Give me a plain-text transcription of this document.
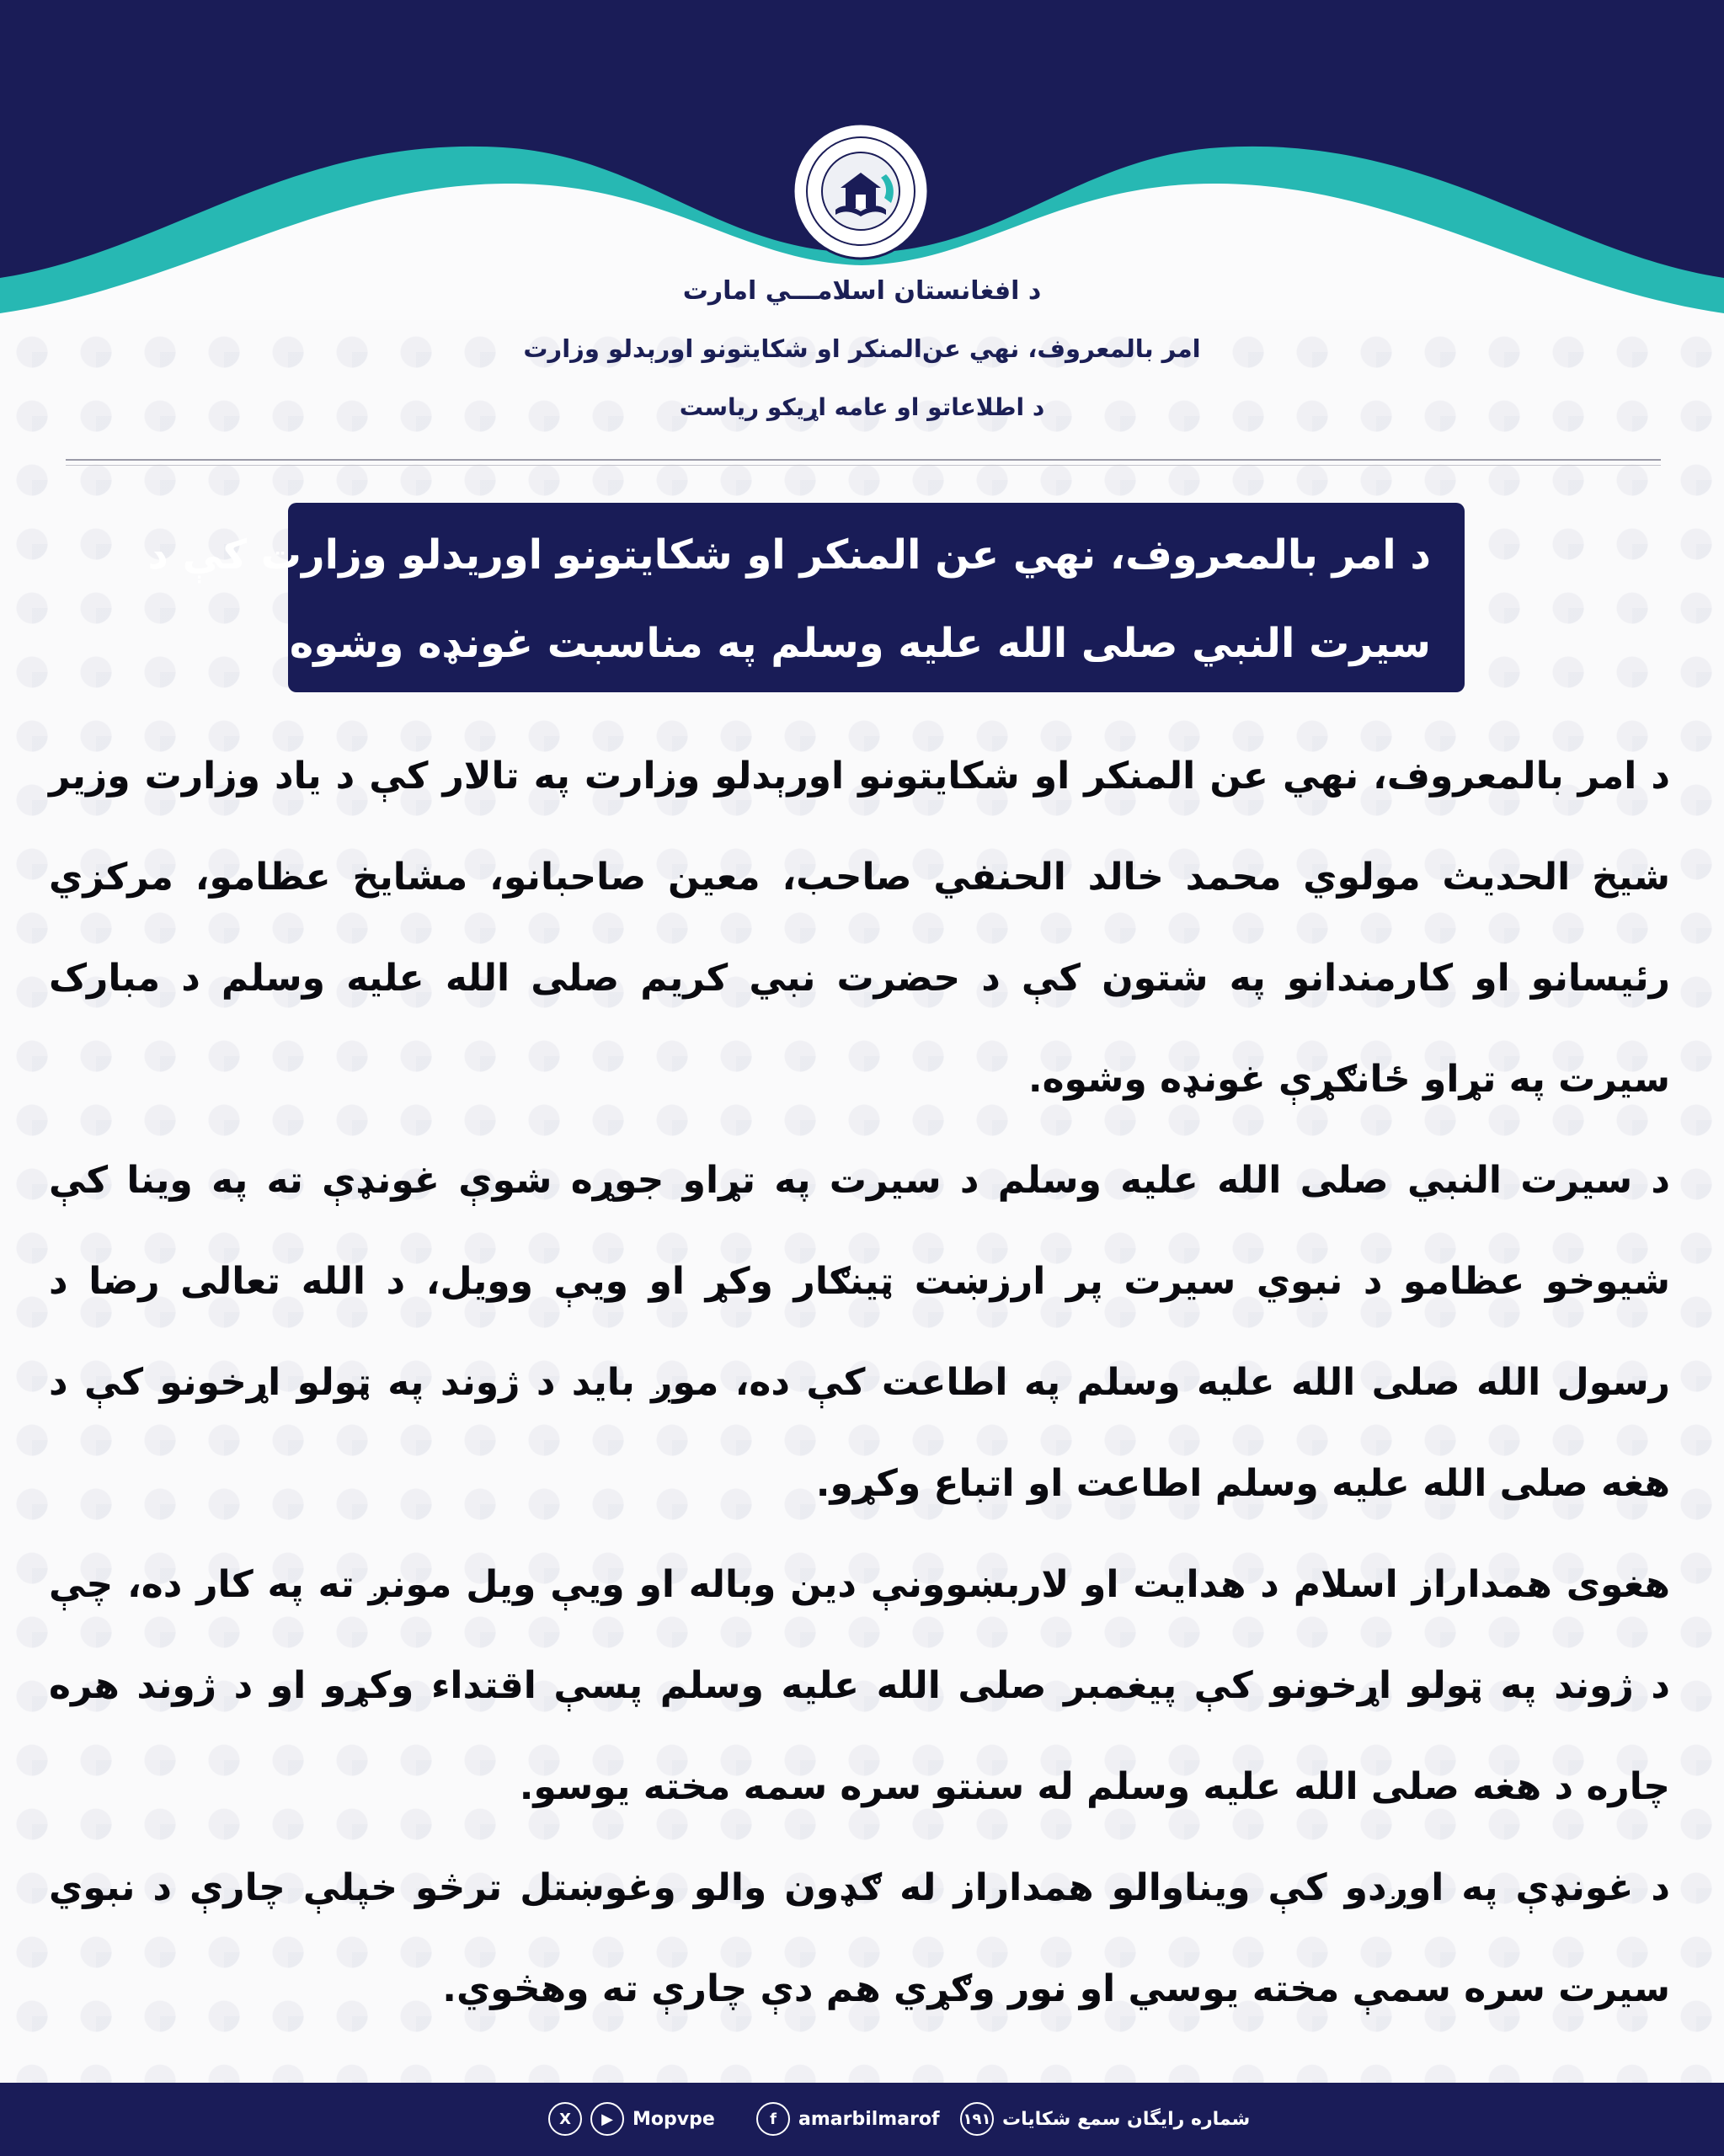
د افغانستان اسلامـــي امارت
امر بالمعروف، نهي عن‌المنکر او شکایتونو اورېدلو وزارت
د اطلاعاتو او عامه اړیکو ریاست
د امر بالمعروف، نهي عن المنكر او شكايتونو اوريدلو وزارت کې د
سيرت النبي صلی الله علیه وسلم په مناسبت غونډه وشوه

د امر بالمعروف، نهي عن المنکر او شکایتونو اورېدلو وزارت په تالار کې د یاد وزارت وزیر شیخ الحدیث مولوي محمد خالد الحنفي صاحب، معین صاحبانو، مشایخ عظامو، مرکزي رئیسانو او کارمندانو په شتون کې د حضرت نبي کریم صلی الله علیه وسلم د مبارک سیرت په تړاو ځانګړې غونډه وشوه.

د سیرت النبي صلی الله علیه وسلم د سیرت په تړاو جوړه شوې غونډې ته په وینا کې شیوخو عظامو د نبوي سیرت پر ارزښت ټینګار وکړ او ویې وویل، د الله تعالی رضا د رسول الله صلی الله علیه وسلم په اطاعت کې ده، موږ باید د ژوند په ټولو اړخونو کې د هغه صلی الله علیه وسلم اطاعت او اتباع وکړو.

هغوی همداراز اسلام د هدایت او لاربښوونې دین وباله او ویې ویل مونږ ته په کار ده، چې د ژوند په ټولو اړخونو کې پیغمبر صلی الله علیه وسلم پسې اقتداء وکړو او د ژوند هره چاره د هغه صلی الله علیه وسلم له سنتو سره سمه مخته یوسو.

د غونډې په اوږدو کې ویناوالو همداراز له ګډون والو وغوښتل ترڅو خپلې چارې د نبوي سیرت سره سمې مخته یوسي او نور وګړي هم دې چارې ته وهڅوي.

شماره رایگان سمع شکایات
۱۹۱
amarbilmarof
f
Mopvpe
▶
X
